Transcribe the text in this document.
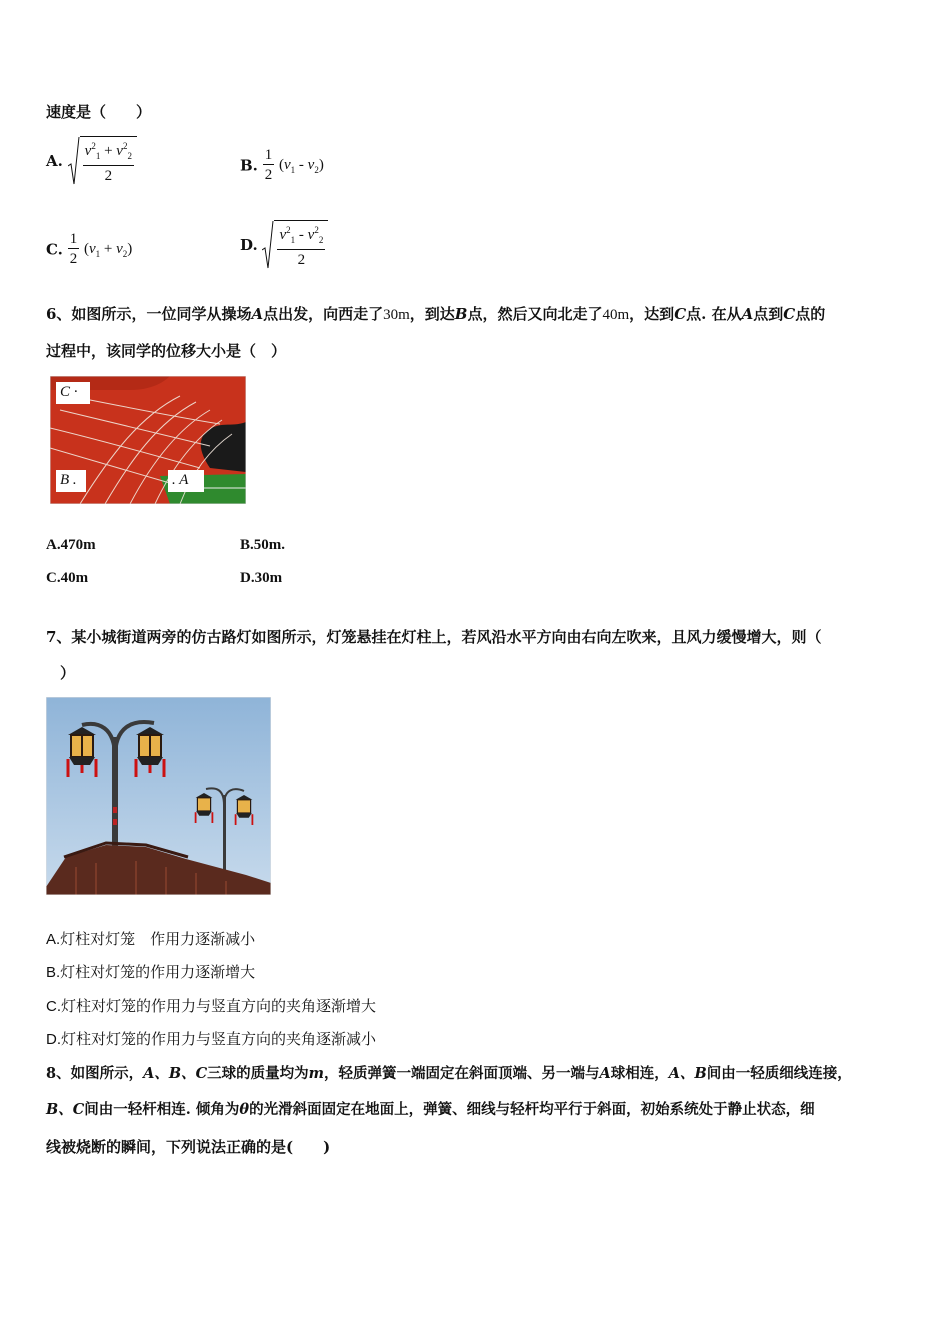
速度是（　　）
A. $\frac{v^2_1 + v^2_2}{2}$	B. $\frac{1}{2} (v_1 - v_2)$
C. $\frac{1}{2} (v_1 + v_2)$	D. $\frac{v^2_1 - v^2_2}{2}$
6、如图所示，一位同学从操场A点出发，向西走了30m，到达B点，然后又向北走了40m，达到C点. 在从A点到C点的
过程中，该同学的位移大小是（　）
C ·
B .	. A
A.470m	B.50m.
C.40m	D.30m
7、某小城街道两旁的仿古路灯如图所示，灯笼悬挂在灯柱上，若风沿水平方向由右向左吹来，且风力缓慢增大，则（
）
A.灯柱对灯笼　作用力逐渐减小
B.灯柱对灯笼的作用力逐渐增大
C.灯柱对灯笼的作用力与竖直方向的夹角逐渐增大
D.灯柱对灯笼的作用力与竖直方向的夹角逐渐减小
8、如图所示，A、B、C三球的质量均为m，轻质弹簧一端固定在斜面顶端、另一端与A球相连，A、B间由一轻质细线连接，
B、C间由一轻杆相连. 倾角为θ的光滑斜面固定在地面上，弹簧、细线与轻杆均平行于斜面，初始系统处于静止状态，细
线被烧断的瞬间，下列说法正确的是(　　)
